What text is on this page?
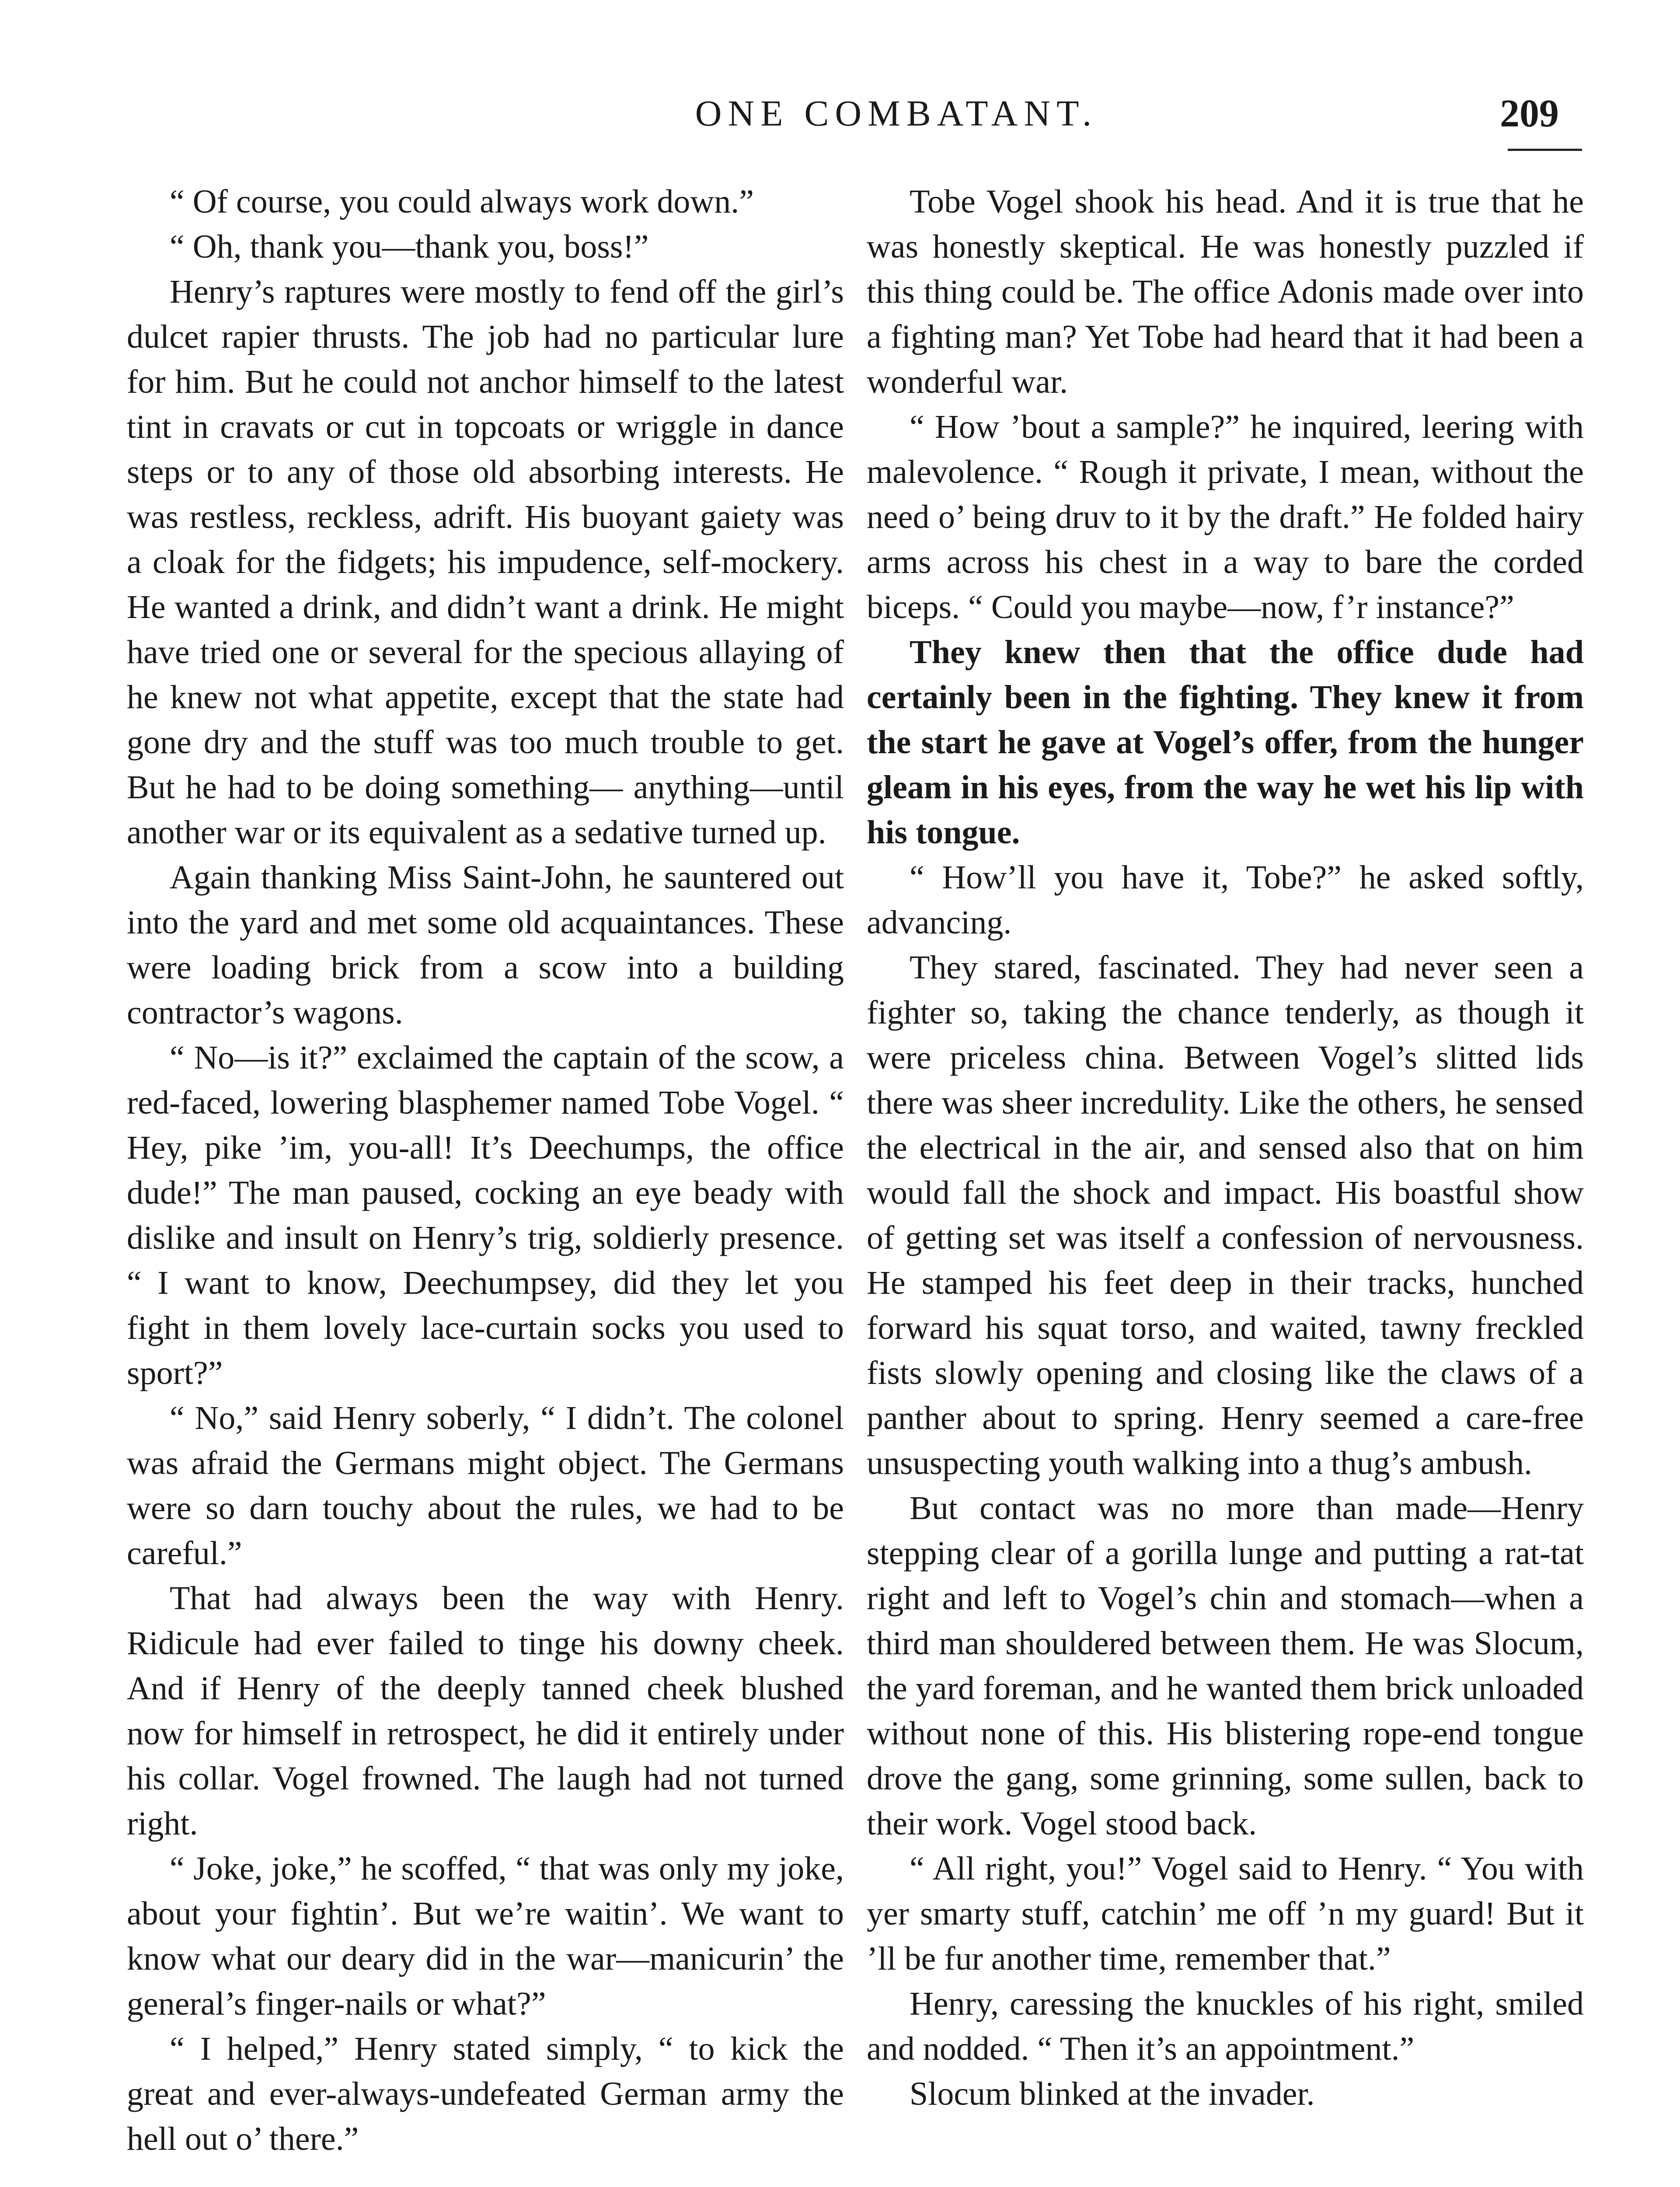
ONE COMBATANT.	209

“ Of course, you could always work down.”

“ Oh, thank you—thank you, boss!”

Henry’s raptures were mostly to fend off the girl’s dulcet rapier thrusts. The job had no particular lure for him. But he could not anchor himself to the latest tint in cravats or cut in topcoats or wriggle in dance steps or to any of those old absorbing interests. He was restless, reckless, adrift. His buoyant gaiety was a cloak for the fidgets; his impudence, self-mockery. He wanted a drink, and didn’t want a drink. He might have tried one or several for the specious allaying of he knew not what appetite, except that the state had gone dry and the stuff was too much trouble to get. But he had to be doing something— anything—until another war or its equivalent as a sedative turned up.

Again thanking Miss Saint-John, he sauntered out into the yard and met some old acquaintances. These were loading brick from a scow into a building contractor’s wagons.

“ No—is it?” exclaimed the captain of the scow, a red-faced, lowering blasphemer named Tobe Vogel. “ Hey, pike ’im, you-all! It’s Deechumps, the office dude!” The man paused, cocking an eye beady with dislike and insult on Henry’s trig, soldierly presence. “ I want to know, Deechumpsey, did they let you fight in them lovely lace-curtain socks you used to sport?”

“ No,” said Henry soberly, “ I didn’t. The colonel was afraid the Germans might object. The Germans were so darn touchy about the rules, we had to be careful.”

That had always been the way with Henry. Ridicule had ever failed to tinge his downy cheek. And if Henry of the deeply tanned cheek blushed now for himself in retrospect, he did it entirely under his collar. Vogel frowned. The laugh had not turned right.

“ Joke, joke,” he scoffed, “ that was only my joke, about your fightin’. But we’re waitin’. We want to know what our deary did in the war—manicurin’ the general’s finger-nails or what?”

“ I helped,” Henry stated simply, “ to kick the great and ever-always-undefeated German army the hell out o’ there.”

Tobe Vogel shook his head. And it is true that he was honestly skeptical. He was honestly puzzled if this thing could be. The office Adonis made over into a fighting man? Yet Tobe had heard that it had been a wonderful war.

“ How ’bout a sample?” he inquired, leering with malevolence. “ Rough it private, I mean, without the need o’ being druv to it by the draft.” He folded hairy arms across his chest in a way to bare the corded biceps. “ Could you maybe—now, f’r instance?”

They knew then that the office dude had certainly been in the fighting. They knew it from the start he gave at Vogel’s offer, from the hunger gleam in his eyes, from the way he wet his lip with his tongue.

“ How’ll you have it, Tobe?” he asked softly, advancing.

They stared, fascinated. They had never seen a fighter so, taking the chance tenderly, as though it were priceless china. Between Vogel’s slitted lids there was sheer incredulity. Like the others, he sensed the electrical in the air, and sensed also that on him would fall the shock and impact. His boastful show of getting set was itself a confession of nervousness. He stamped his feet deep in their tracks, hunched forward his squat torso, and waited, tawny freckled fists slowly opening and closing like the claws of a panther about to spring. Henry seemed a care-free unsuspecting youth walking into a thug’s ambush.

But contact was no more than made—Henry stepping clear of a gorilla lunge and putting a rat-tat right and left to Vogel’s chin and stomach—when a third man shouldered between them. He was Slocum, the yard foreman, and he wanted them brick unloaded without none of this. His blistering rope-end tongue drove the gang, some grinning, some sullen, back to their work. Vogel stood back.

“ All right, you!” Vogel said to Henry. “ You with yer smarty stuff, catchin’ me off ’n my guard! But it ’ll be fur another time, remember that.”

Henry, caressing the knuckles of his right, smiled and nodded. “ Then it’s an appointment.”

Slocum blinked at the invader.
